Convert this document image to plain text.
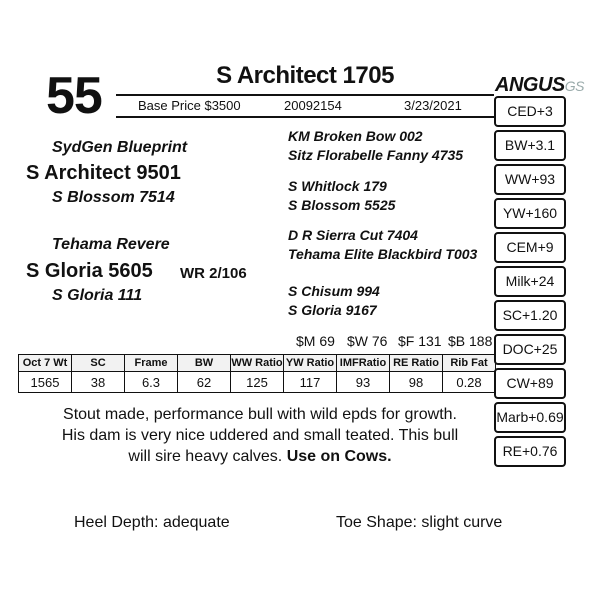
55	S Architect 1705
Base Price $3500	20092154	3/23/2021
ANGUSGS
SydGen Blueprint
S Architect 9501
S Blossom 7514
Tehama Revere
S Gloria 5605 WR 2/106
S Gloria 111
KM Broken Bow 002
Sitz Florabelle Fanny 4735
S Whitlock 179
S Blossom 5525
D R Sierra Cut 7404
Tehama Elite Blackbird T003
S Chisum 994
S Gloria 9167
$M 69 $W 76 $F 131 $B 188
Oct 7 Wt	SC	Frame	BW	WW Ratio	YW Ratio	IMFRatio	RE Ratio	Rib Fat
1565	38	6.3	62	125	117	93	98	0.28
CED+3
BW+3.1
WW+93
YW+160
CEM+9
Milk+24
SC+1.20
DOC+25
CW+89
Marb+0.69
RE+0.76
Stout made, performance bull with wild epds for growth.
His dam is very nice uddered and small teated. This bull
will sire heavy calves. Use on Cows.
Heel Depth: adequate	Toe Shape: slight curve
